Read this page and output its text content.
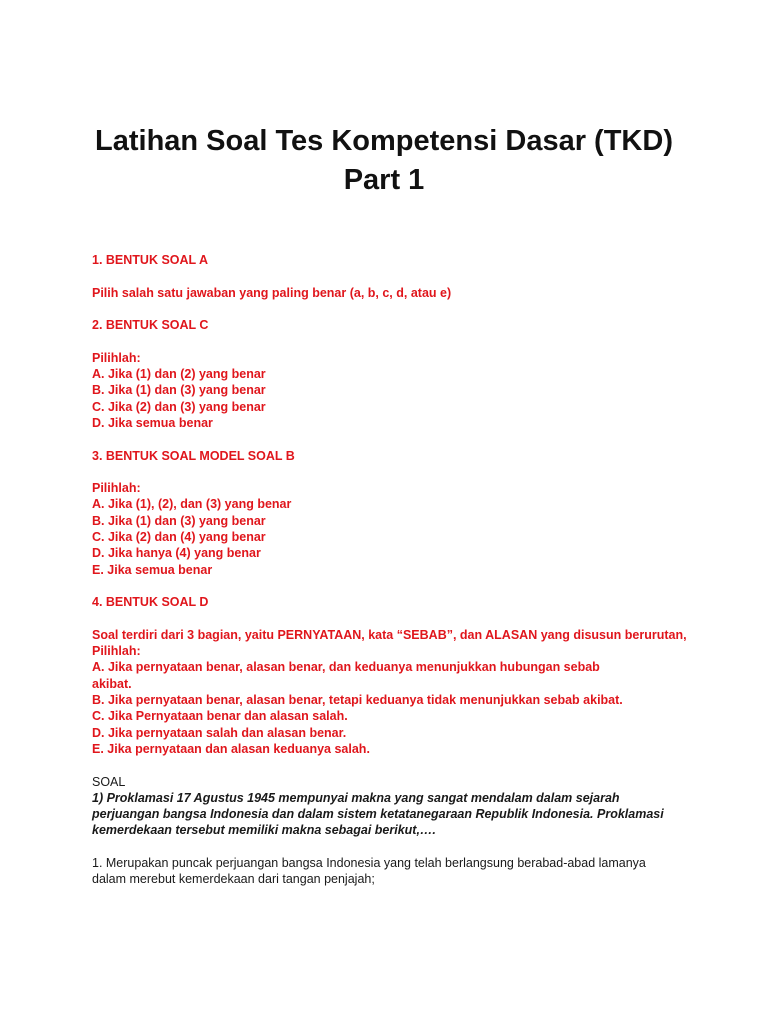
Latihan Soal Tes Kompetensi Dasar (TKD)
Part 1
1. BENTUK SOAL A
Pilih salah satu jawaban yang paling benar (a, b, c, d, atau e)
2. BENTUK SOAL C
Pilihlah:
A. Jika (1) dan (2) yang benar
B. Jika (1) dan (3) yang benar
C. Jika (2) dan (3) yang benar
D. Jika semua benar
3. BENTUK SOAL MODEL SOAL B
Pilihlah:
A. Jika (1), (2), dan (3) yang benar
B. Jika (1) dan (3) yang benar
C. Jika (2) dan (4) yang benar
D. Jika hanya (4) yang benar
E. Jika semua benar
4. BENTUK SOAL D
Soal terdiri dari 3 bagian, yaitu PERNYATAAN, kata “SEBAB”, dan ALASAN yang disusun berurutan,
Pilihlah:
A. Jika pernyataan benar, alasan benar, dan keduanya menunjukkan hubungan sebab
akibat.
B. Jika pernyataan benar, alasan benar, tetapi keduanya tidak menunjukkan sebab akibat.
C. Jika Pernyataan benar dan alasan salah.
D. Jika pernyataan salah dan alasan benar.
E. Jika pernyataan dan alasan keduanya salah.
SOAL
1) Proklamasi 17 Agustus 1945 mempunyai makna yang sangat mendalam dalam sejarah
perjuangan bangsa Indonesia dan dalam sistem ketatanegaraan Republik Indonesia. Proklamasi
kemerdekaan tersebut memiliki makna sebagai berikut,….
1. Merupakan puncak perjuangan bangsa Indonesia yang telah berlangsung berabad-abad lamanya
dalam merebut kemerdekaan dari tangan penjajah;
